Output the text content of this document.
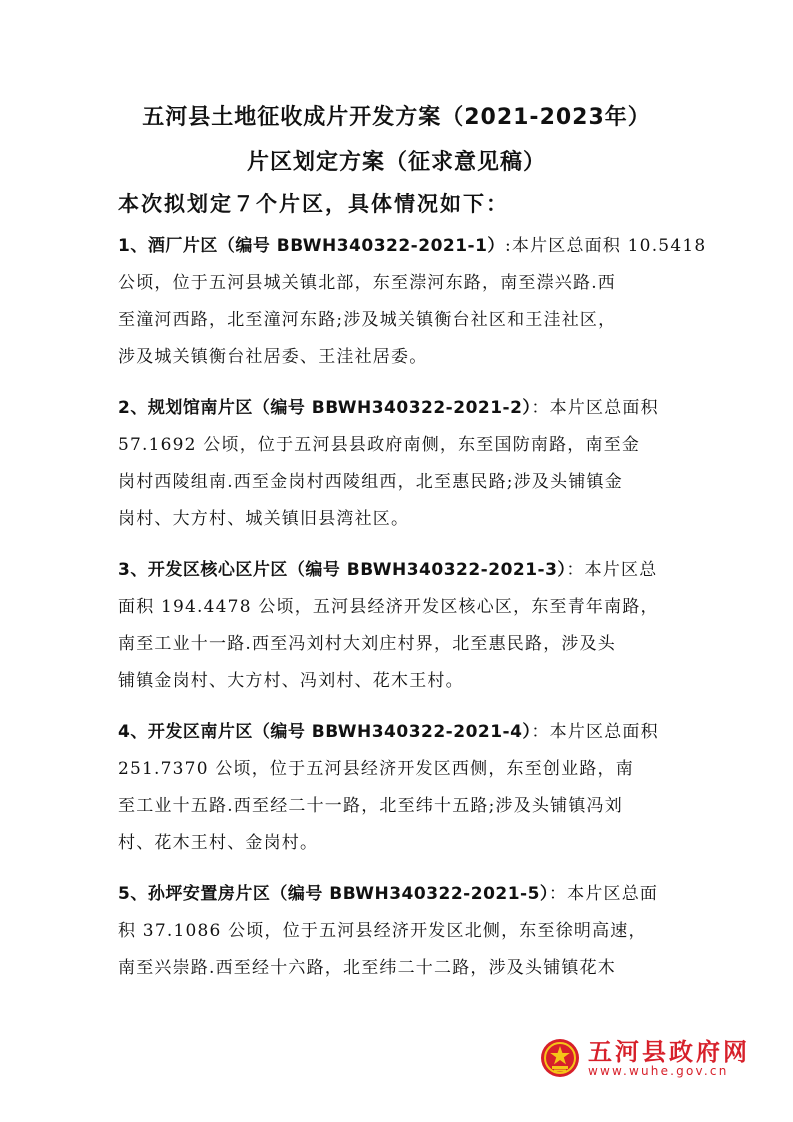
五河县土地征收成片开发方案（2021-2023年）
片区划定方案（征求意见稿）
本次拟划定７个片区，具体情况如下：
1、酒厂片区（编号 BBWH340322-2021-1）:本片区总面积 10.5418
公顷，位于五河县城关镇北部，东至漴河东路，南至漴兴路.西
至潼河西路，北至潼河东路;涉及城关镇衡台社区和王洼社区，
涉及城关镇衡台社居委、王洼社居委。
2、规划馆南片区（编号 BBWH340322-2021-2）：本片区总面积
57.1692 公顷，位于五河县县政府南侧，东至国防南路，南至金
岗村西陵组南.西至金岗村西陵组西，北至惠民路;涉及头铺镇金
岗村、大方村、城关镇旧县湾社区。
3、开发区核心区片区（编号 BBWH340322-2021-3）：本片区总
面积 194.4478 公顷，五河县经济开发区核心区，东至青年南路，
南至工业十一路.西至冯刘村大刘庄村界，北至惠民路，涉及头
铺镇金岗村、大方村、冯刘村、花木王村。
4、开发区南片区（编号 BBWH340322-2021-4）：本片区总面积
251.7370 公顷，位于五河县经济开发区西侧，东至创业路，南
至工业十五路.西至经二十一路，北至纬十五路;涉及头铺镇冯刘
村、花木王村、金岗村。
5、孙坪安置房片区（编号 BBWH340322-2021-5）：本片区总面
积 37.1086 公顷，位于五河县经济开发区北侧，东至徐明高速，
南至兴崇路.西至经十六路，北至纬二十二路，涉及头铺镇花木
五河县政府网
www.wuhe.gov.cn
